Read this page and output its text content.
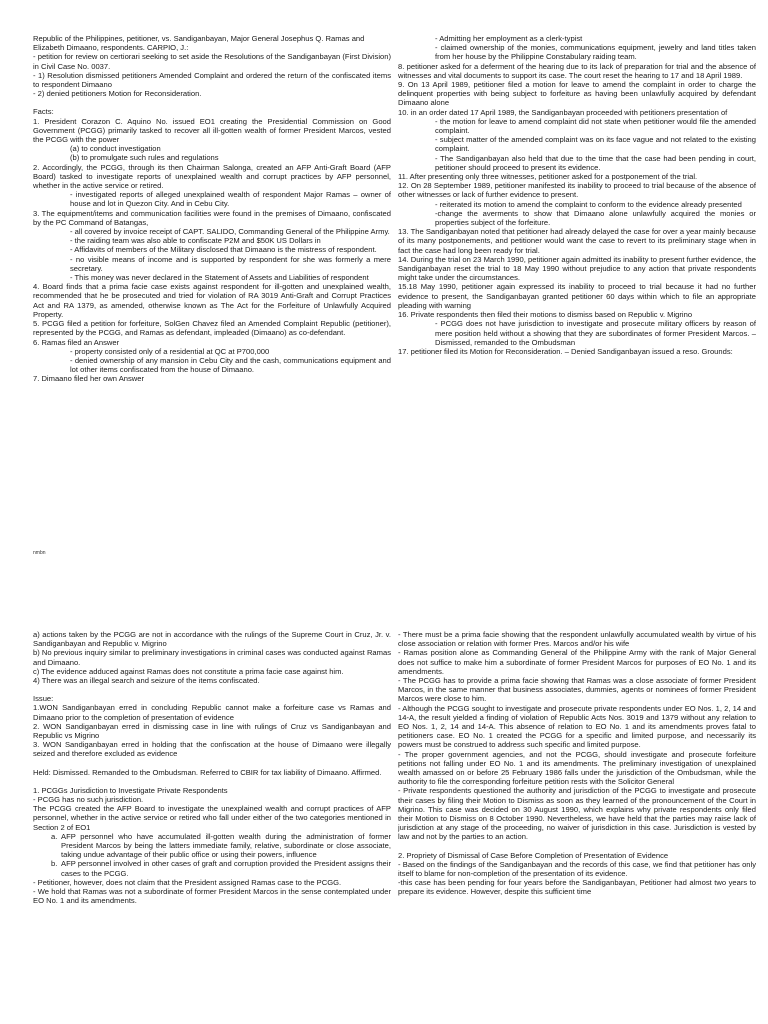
Republic of the Philippines, petitioner, vs. Sandiganbayan, Major General Josephus Q. Ramas and Elizabeth Dimaano, respondents. CARPIO, J.:

- petition for review on certiorari seeking to set aside the Resolutions of the Sandiganbayan (First Division) in Civil Case No. 0037.

- 1) Resolution dismissed petitioners Amended Complaint and ordered the return of the confiscated items to respondent Dimaano

- 2) denied petitioners Motion for Reconsideration.

Facts:

1. President Corazon C. Aquino No. issued EO1 creating the Presidential Commission on Good Government (PCGG) primarily tasked to recover all ill-gotten wealth of former President Marcos, vested the PCGG with the power

(a) to conduct investigation

(b) to promulgate such rules and regulations

2. Accordingly, the PCGG, through its then Chairman Salonga, created an AFP Anti-Graft Board (AFP Board) tasked to investigate reports of unexplained wealth and corrupt practices by AFP personnel, whether in the active service or retired.

- investigated reports of alleged unexplained wealth of respondent Major Ramas – owner of house and lot in Quezon City. And in Cebu City.

3. The equipment/items and communication facilities were found in the premises of Dimaano, confiscated by the PC Command of Batangas,

- all covered by invoice receipt of CAPT. SALIDO, Commanding General of the Philippine Army.

- the raiding team was also able to confiscate P2M and $50K US Dollars in

- Affidavits of members of the Military disclosed that Dimaano is the mistress of respondent.

- no visible means of income and is supported by respondent for she was formerly a mere secretary.

- This money was never declared in the Statement of Assets and Liabilities of respondent

4. Board finds that a prima facie case exists against respondent for ill-gotten and unexplained wealth, recommended that he be prosecuted and tried for violation of RA 3019 Anti-Graft and Corrupt Practices Act and RA 1379, as amended, otherwise known as The Act for the Forfeiture of Unlawfully Acquired Property.

5. PCGG filed a petition for forfeiture, SolGen Chavez filed an Amended Complaint Republic (petitioner), represented by the PCGG, and Ramas as defendant, impleaded (Dimaano) as co-defendant.

6. Ramas filed an Answer

- property consisted only of a residential at QC at P700,000

- denied ownership of any mansion in Cebu City and the cash, communications equipment and lot other items confiscated from the house of Dimaano.

7. Dimaano filed her own Answer

- Admitting her employment as a clerk-typist

- claimed ownership of the monies, communications equipment, jewelry and land titles taken from her house by the Philippine Constabulary raiding team.

8. petitioner asked for a deferment of the hearing due to its lack of preparation for trial and the absence of witnesses and vital documents to support its case. The court reset the hearing to 17 and 18 April 1989.

9. On 13 April 1989, petitioner filed a motion for leave to amend the complaint in order to charge the delinquent properties with being subject to forfeiture as having been unlawfully acquired by defendant Dimaano alone

10. in an order dated 17 April 1989, the Sandiganbayan proceeded with petitioners presentation of

- the motion for leave to amend complaint did not state when petitioner would file the amended complaint.

- subject matter of the amended complaint was on its face vague and not related to the existing complaint.

- The Sandiganbayan also held that due to the time that the case had been pending in court, petitioner should proceed to present its evidence.

11. After presenting only three witnesses, petitioner asked for a postponement of the trial.

12. On 28 September 1989, petitioner manifested its inability to proceed to trial because of the absence of other witnesses or lack of further evidence to present.

- reiterated its motion to amend the complaint to conform to the evidence already presented

-change the averments to show that Dimaano alone unlawfully acquired the monies or properties subject of the forfeiture.

13. The Sandiganbayan noted that petitioner had already delayed the case for over a year mainly because of its many postponements, and petitioner would want the case to revert to its preliminary stage when in fact the case had long been ready for trial.

14. During the trial on 23 March 1990, petitioner again admitted its inability to present further evidence, the Sandiganbayan reset the trial to 18 May 1990 without prejudice to any action that private respondents might take under the circumstances.

15.18 May 1990, petitioner again expressed its inability to proceed to trial because it had no further evidence to present, the Sandiganbayan granted petitioner 60 days within which to file an appropriate pleading with warning

16. Private respondents then filed their motions to dismiss based on Republic v. Migrino

- PCGG does not have jurisdiction to investigate and prosecute military officers by reason of mere position held without a showing that they are subordinates of former President Marcos. –Dismissed, remanded to the Ombudsman

17. petitioner filed its Motion for Reconsideration. – Denied Sandiganbayan issued a reso. Grounds:

nmbn

a) actions taken by the PCGG are not in accordance with the rulings of the Supreme Court in Cruz, Jr. v. Sandiganbayan and Republic v. Migrino

b) No previous inquiry similar to preliminary investigations in criminal cases was conducted against Ramas and Dimaano.

c) The evidence adduced against Ramas does not constitute a prima facie case against him.

4) There was an illegal search and seizure of the items confiscated.

Issue:

1.WON Sandiganbayan erred in concluding Republic cannot make a forfeiture case vs Ramas and Dimaano prior to the completion of presentation of evidence

2. WON Sandiganbayan erred in dismissing case in line with rulings of Cruz vs Sandiganbayan and Republic vs Migrino

3. WON Sandiganbayan erred in holding that the confiscation at the house of Dimaano were illegally seized and therefore excluded as evidence

Held: Dismissed. Remanded to the Ombudsman. Referred to CBIR for tax liability of Dimaano. Affirmed.

1. PCGGs Jurisdiction to Investigate Private Respondents

- PCGG has no such jurisdiction.

The PCGG created the AFP Board to investigate the unexplained wealth and corrupt practices of AFP personnel, whether in the active service or retired who fall under either of the two categories mentioned in Section 2 of EO1

a. AFP personnel who have accumulated ill-gotten wealth during the administration of former President Marcos by being the latters immediate family, relative, subordinate or close associate, taking undue advantage of their public office or using their powers, influence

b. AFP personnel involved in other cases of graft and corruption provided the President assigns their cases to the PCGG.

- Petitioner, however, does not claim that the President assigned Ramas case to the PCGG.

- We hold that Ramas was not a subordinate of former President Marcos in the sense contemplated under EO No. 1 and its amendments.

- There must be a prima facie showing that the respondent unlawfully accumulated wealth by virtue of his close association or relation with former Pres. Marcos and/or his wife

- Ramas position alone as Commanding General of the Philippine Army with the rank of Major General does not suffice to make him a subordinate of former President Marcos for purposes of EO No. 1 and its amendments.

- The PCGG has to provide a prima facie showing that Ramas was a close associate of former President Marcos, in the same manner that business associates, dummies, agents or nominees of former President Marcos were close to him.

- Although the PCGG sought to investigate and prosecute private respondents under EO Nos. 1, 2, 14 and 14-A, the result yielded a finding of violation of Republic Acts Nos. 3019 and 1379 without any relation to EO Nos. 1, 2, 14 and 14-A. This absence of relation to EO No. 1 and its amendments proves fatal to petitioners case. EO No. 1 created the PCGG for a specific and limited purpose, and necessarily its powers must be construed to address such specific and limited purpose.

- The proper government agencies, and not the PCGG, should investigate and prosecute forfeiture petitions not falling under EO No. 1 and its amendments. The preliminary investigation of unexplained wealth amassed on or before 25 February 1986 falls under the jurisdiction of the Ombudsman, while the authority to file the corresponding forfeiture petition rests with the Solicitor General

- Private respondents questioned the authority and jurisdiction of the PCGG to investigate and prosecute their cases by filing their Motion to Dismiss as soon as they learned of the pronouncement of the Court in Migrino. This case was decided on 30 August 1990, which explains why private respondents only filed their Motion to Dismiss on 8 October 1990. Nevertheless, we have held that the parties may raise lack of jurisdiction at any stage of the proceeding, no waiver of jurisdiction in this case. Jurisdiction is vested by law and not by the parties to an action.

2. Propriety of Dismissal of Case Before Completion of Presentation of Evidence

- Based on the findings of the Sandiganbayan and the records of this case, we find that petitioner has only itself to blame for non-completion of the presentation of its evidence.

-this case has been pending for four years before the Sandiganbayan, Petitioner had almost two years to prepare its evidence. However, despite this sufficient time
